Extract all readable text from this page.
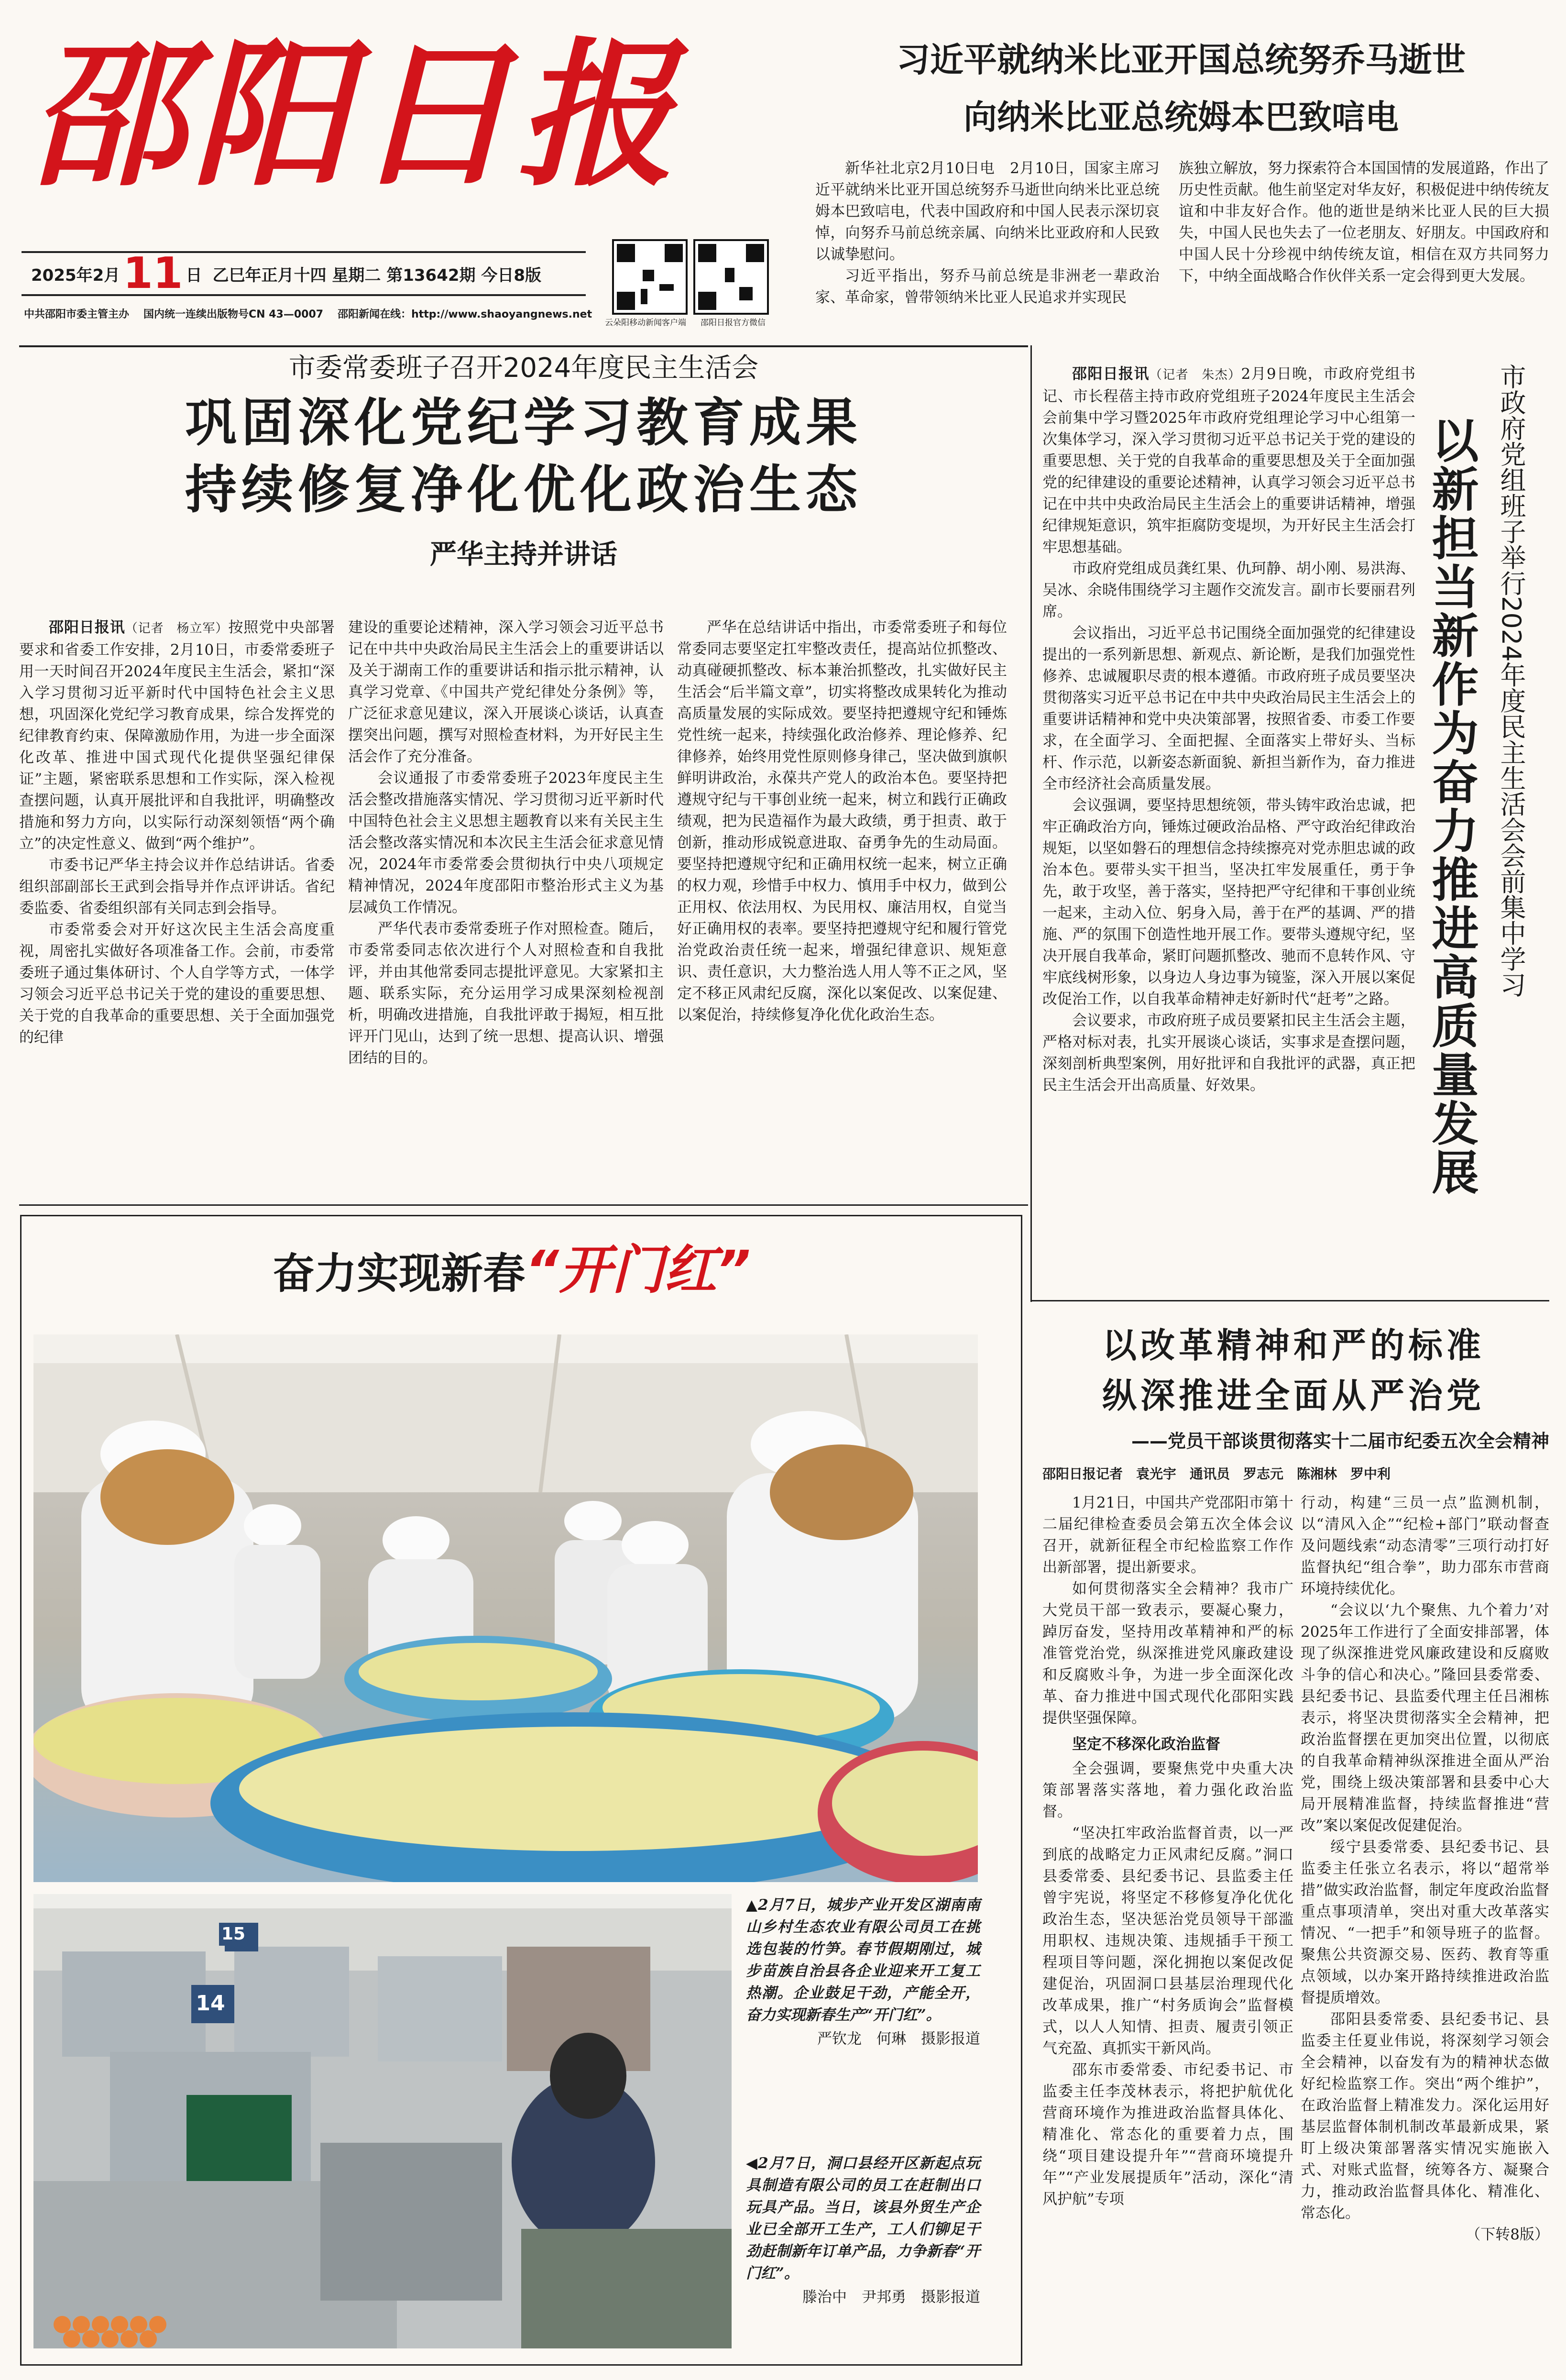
邵阳日报
2025年2月 11 日 乙巳年正月十四 星期二 第13642期 今日8版
中共邵阳市委主管主办 国内统一连续出版物号CN 43—0007 邵阳新闻在线：http://www.shaoyangnews.net
云朵阳移动新闻客户端 邵阳日报官方微信
习近平就纳米比亚开国总统努乔马逝世
向纳米比亚总统姆本巴致唁电

新华社北京2月10日电　2月10日，国家主席习近平就纳米比亚开国总统努乔马逝世向纳米比亚总统姆本巴致唁电，代表中国政府和中国人民表示深切哀悼，向努乔马前总统亲属、向纳米比亚政府和人民致以诚挚慰问。

习近平指出，努乔马前总统是非洲老一辈政治家、革命家，曾带领纳米比亚人民追求并实现民

族独立解放，努力探索符合本国国情的发展道路，作出了历史性贡献。他生前坚定对华友好，积极促进中纳传统友谊和中非友好合作。他的逝世是纳米比亚人民的巨大损失，中国人民也失去了一位老朋友、好朋友。中国政府和中国人民十分珍视中纳传统友谊，相信在双方共同努力下，中纳全面战略合作伙伴关系一定会得到更大发展。

市委常委班子召开2024年度民主生活会
巩固深化党纪学习教育成果
持续修复净化优化政治生态
严华主持并讲话

邵阳日报讯（记者　杨立军）按照党中央部署要求和省委工作安排，2月10日，市委常委班子用一天时间召开2024年度民主生活会，紧扣“深入学习贯彻习近平新时代中国特色社会主义思想，巩固深化党纪学习教育成果，综合发挥党的纪律教育约束、保障激励作用，为进一步全面深化改革、推进中国式现代化提供坚强纪律保证”主题，紧密联系思想和工作实际，深入检视查摆问题，认真开展批评和自我批评，明确整改措施和努力方向，以实际行动深刻领悟“两个确立”的决定性意义、做到“两个维护”。

市委书记严华主持会议并作总结讲话。省委组织部副部长王武到会指导并作点评讲话。省纪委监委、省委组织部有关同志到会指导。

市委常委会对开好这次民主生活会高度重视，周密扎实做好各项准备工作。会前，市委常委班子通过集体研讨、个人自学等方式，一体学习领会习近平总书记关于党的建设的重要思想、关于党的自我革命的重要思想、关于全面加强党的纪律

建设的重要论述精神，深入学习领会习近平总书记在中共中央政治局民主生活会上的重要讲话以及关于湖南工作的重要讲话和指示批示精神，认真学习党章、《中国共产党纪律处分条例》等，广泛征求意见建议，深入开展谈心谈话，认真查摆突出问题，撰写对照检查材料，为开好民主生活会作了充分准备。

会议通报了市委常委班子2023年度民主生活会整改措施落实情况、学习贯彻习近平新时代中国特色社会主义思想主题教育以来有关民主生活会整改落实情况和本次民主生活会征求意见情况，2024年市委常委会贯彻执行中央八项规定精神情况，2024年度邵阳市整治形式主义为基层减负工作情况。

严华代表市委常委班子作对照检查。随后，市委常委同志依次进行个人对照检查和自我批评，并由其他常委同志提批评意见。大家紧扣主题、联系实际，充分运用学习成果深刻检视剖析，明确改进措施，自我批评敢于揭短，相互批评开门见山，达到了统一思想、提高认识、增强团结的目的。

严华在总结讲话中指出，市委常委班子和每位常委同志要坚定扛牢整改责任，提高站位抓整改、动真碰硬抓整改、标本兼治抓整改，扎实做好民主生活会“后半篇文章”，切实将整改成果转化为推动高质量发展的实际成效。要坚持把遵规守纪和锤炼党性统一起来，持续强化政治修养、理论修养、纪律修养，始终用党性原则修身律己，坚决做到旗帜鲜明讲政治，永葆共产党人的政治本色。要坚持把遵规守纪与干事创业统一起来，树立和践行正确政绩观，把为民造福作为最大政绩，勇于担责、敢于创新，推动形成锐意进取、奋勇争先的生动局面。要坚持把遵规守纪和正确用权统一起来，树立正确的权力观，珍惜手中权力、慎用手中权力，做到公正用权、依法用权、为民用权、廉洁用权，自觉当好正确用权的表率。要坚持把遵规守纪和履行管党治党政治责任统一起来，增强纪律意识、规矩意识、责任意识，大力整治选人用人等不正之风，坚定不移正风肃纪反腐，深化以案促改、以案促建、以案促治，持续修复净化优化政治生态。

邵阳日报讯（记者　朱杰）2月9日晚，市政府党组书记、市长程蓓主持市政府党组班子2024年度民主生活会会前集中学习暨2025年市政府党组理论学习中心组第一次集体学习，深入学习贯彻习近平总书记关于党的建设的重要思想、关于党的自我革命的重要思想及关于全面加强党的纪律建设的重要论述精神，认真学习领会习近平总书记在中共中央政治局民主生活会上的重要讲话精神，增强纪律规矩意识，筑牢拒腐防变堤坝，为开好民主生活会打牢思想基础。

市政府党组成员龚红果、仇珂静、胡小刚、易洪海、吴冰、余晓伟围绕学习主题作交流发言。副市长要丽君列席。

会议指出，习近平总书记围绕全面加强党的纪律建设提出的一系列新思想、新观点、新论断，是我们加强党性修养、忠诚履职尽责的根本遵循。市政府班子成员要坚决贯彻落实习近平总书记在中共中央政治局民主生活会上的重要讲话精神和党中央决策部署，按照省委、市委工作要求，在全面学习、全面把握、全面落实上带好头、当标杆、作示范，以新姿态新面貌、新担当新作为，奋力推进全市经济社会高质量发展。

会议强调，要坚持思想统领，带头铸牢政治忠诚，把牢正确政治方向，锤炼过硬政治品格、严守政治纪律政治规矩，以坚如磐石的理想信念持续擦亮对党赤胆忠诚的政治本色。要带头实干担当，坚决扛牢发展重任，勇于争先，敢于攻坚，善于落实，坚持把严守纪律和干事创业统一起来，主动入位、躬身入局，善于在严的基调、严的措施、严的氛围下创造性地开展工作。要带头遵规守纪，坚决开展自我革命，紧盯问题抓整改、驰而不息转作风、守牢底线树形象，以身边人身边事为镜鉴，深入开展以案促改促治工作，以自我革命精神走好新时代“赶考”之路。

会议要求，市政府班子成员要紧扣民主生活会主题，严格对标对表，扎实开展谈心谈话，实事求是查摆问题，深刻剖析典型案例，用好批评和自我批评的武器，真正把民主生活会开出高质量、好效果。	以新担当新作为奋力推进高质量发展 市政府党组班子举行2024年度民主生活会会前集中学习
奋力实现新春“开门红”
15
14
▲2月7日，城步产业开发区湖南南山乡村生态农业有限公司员工在挑选包装的竹笋。春节假期刚过，城步苗族自治县各企业迎来开工复工热潮。企业鼓足干劲，产能全开，奋力实现新春生产“开门红”。
严钦龙　何琳　摄影报道
◀2月7日，洞口县经开区新起点玩具制造有限公司的员工在赶制出口玩具产品。当日，该县外贸生产企业已全部开工生产，工人们铆足干劲赶制新年订单产品，力争新春“开门红”。
滕治中　尹邦勇　摄影报道
以改革精神和严的标准
纵深推进全面从严治党
——党员干部谈贯彻落实十二届市纪委五次全会精神
邵阳日报记者　袁光宇　通讯员　罗志元　陈湘林　罗中利

1月21日，中国共产党邵阳市第十二届纪律检查委员会第五次全体会议召开，就新征程全市纪检监察工作作出新部署，提出新要求。

如何贯彻落实全会精神？我市广大党员干部一致表示，要凝心聚力，踔厉奋发，坚持用改革精神和严的标准管党治党，纵深推进党风廉政建设和反腐败斗争，为进一步全面深化改革、奋力推进中国式现代化邵阳实践提供坚强保障。

坚定不移深化政治监督

全会强调，要聚焦党中央重大决策部署落实落地，着力强化政治监督。

“坚决扛牢政治监督首责，以一严到底的战略定力正风肃纪反腐。”洞口县委常委、县纪委书记、县监委主任曾宇宪说，将坚定不移修复净化优化政治生态，坚决惩治党员领导干部滥用职权、违规决策、违规插手干预工程项目等问题，深化拥抱以案促改促建促治，巩固洞口县基层治理现代化改革成果，推广“村务质询会”监督模式，以人人知情、担责、履责引领正气充盈、真抓实干新风尚。

邵东市委常委、市纪委书记、市监委主任李茂林表示，将把护航优化营商环境作为推进政治监督具体化、精准化、常态化的重要着力点，围绕“项目建设提升年”“营商环境提升年”“产业发展提质年”活动，深化“清风护航”专项

行动，构建“三员一点”监测机制，以“清风入企”“纪检+部门”联动督查及问题线索“动态清零”三项行动打好监督执纪“组合拳”，助力邵东市营商环境持续优化。

“会议以‘九个聚焦、九个着力’对2025年工作进行了全面安排部署，体现了纵深推进党风廉政建设和反腐败斗争的信心和决心。”隆回县委常委、县纪委书记、县监委代理主任吕湘栋表示，将坚决贯彻落实全会精神，把政治监督摆在更加突出位置，以彻底的自我革命精神纵深推进全面从严治党，围绕上级决策部署和县委中心大局开展精准监督，持续监督推进“营改”案以案促改促建促治。

绥宁县委常委、县纪委书记、县监委主任张立名表示，将以“超常举措”做实政治监督，制定年度政治监督重点事项清单，突出对重大改革落实情况、“一把手”和领导班子的监督。聚焦公共资源交易、医药、教育等重点领域，以办案开路持续推进政治监督提质增效。

邵阳县委常委、县纪委书记、县监委主任夏业伟说，将深刻学习领会全会精神，以奋发有为的精神状态做好纪检监察工作。突出“两个维护”，在政治监督上精准发力。深化运用好基层监督体制机制改革最新成果，紧盯上级决策部署落实情况实施嵌入式、对账式监督，统筹各方、凝聚合力，推动政治监督具体化、精准化、常态化。

（下转8版）
